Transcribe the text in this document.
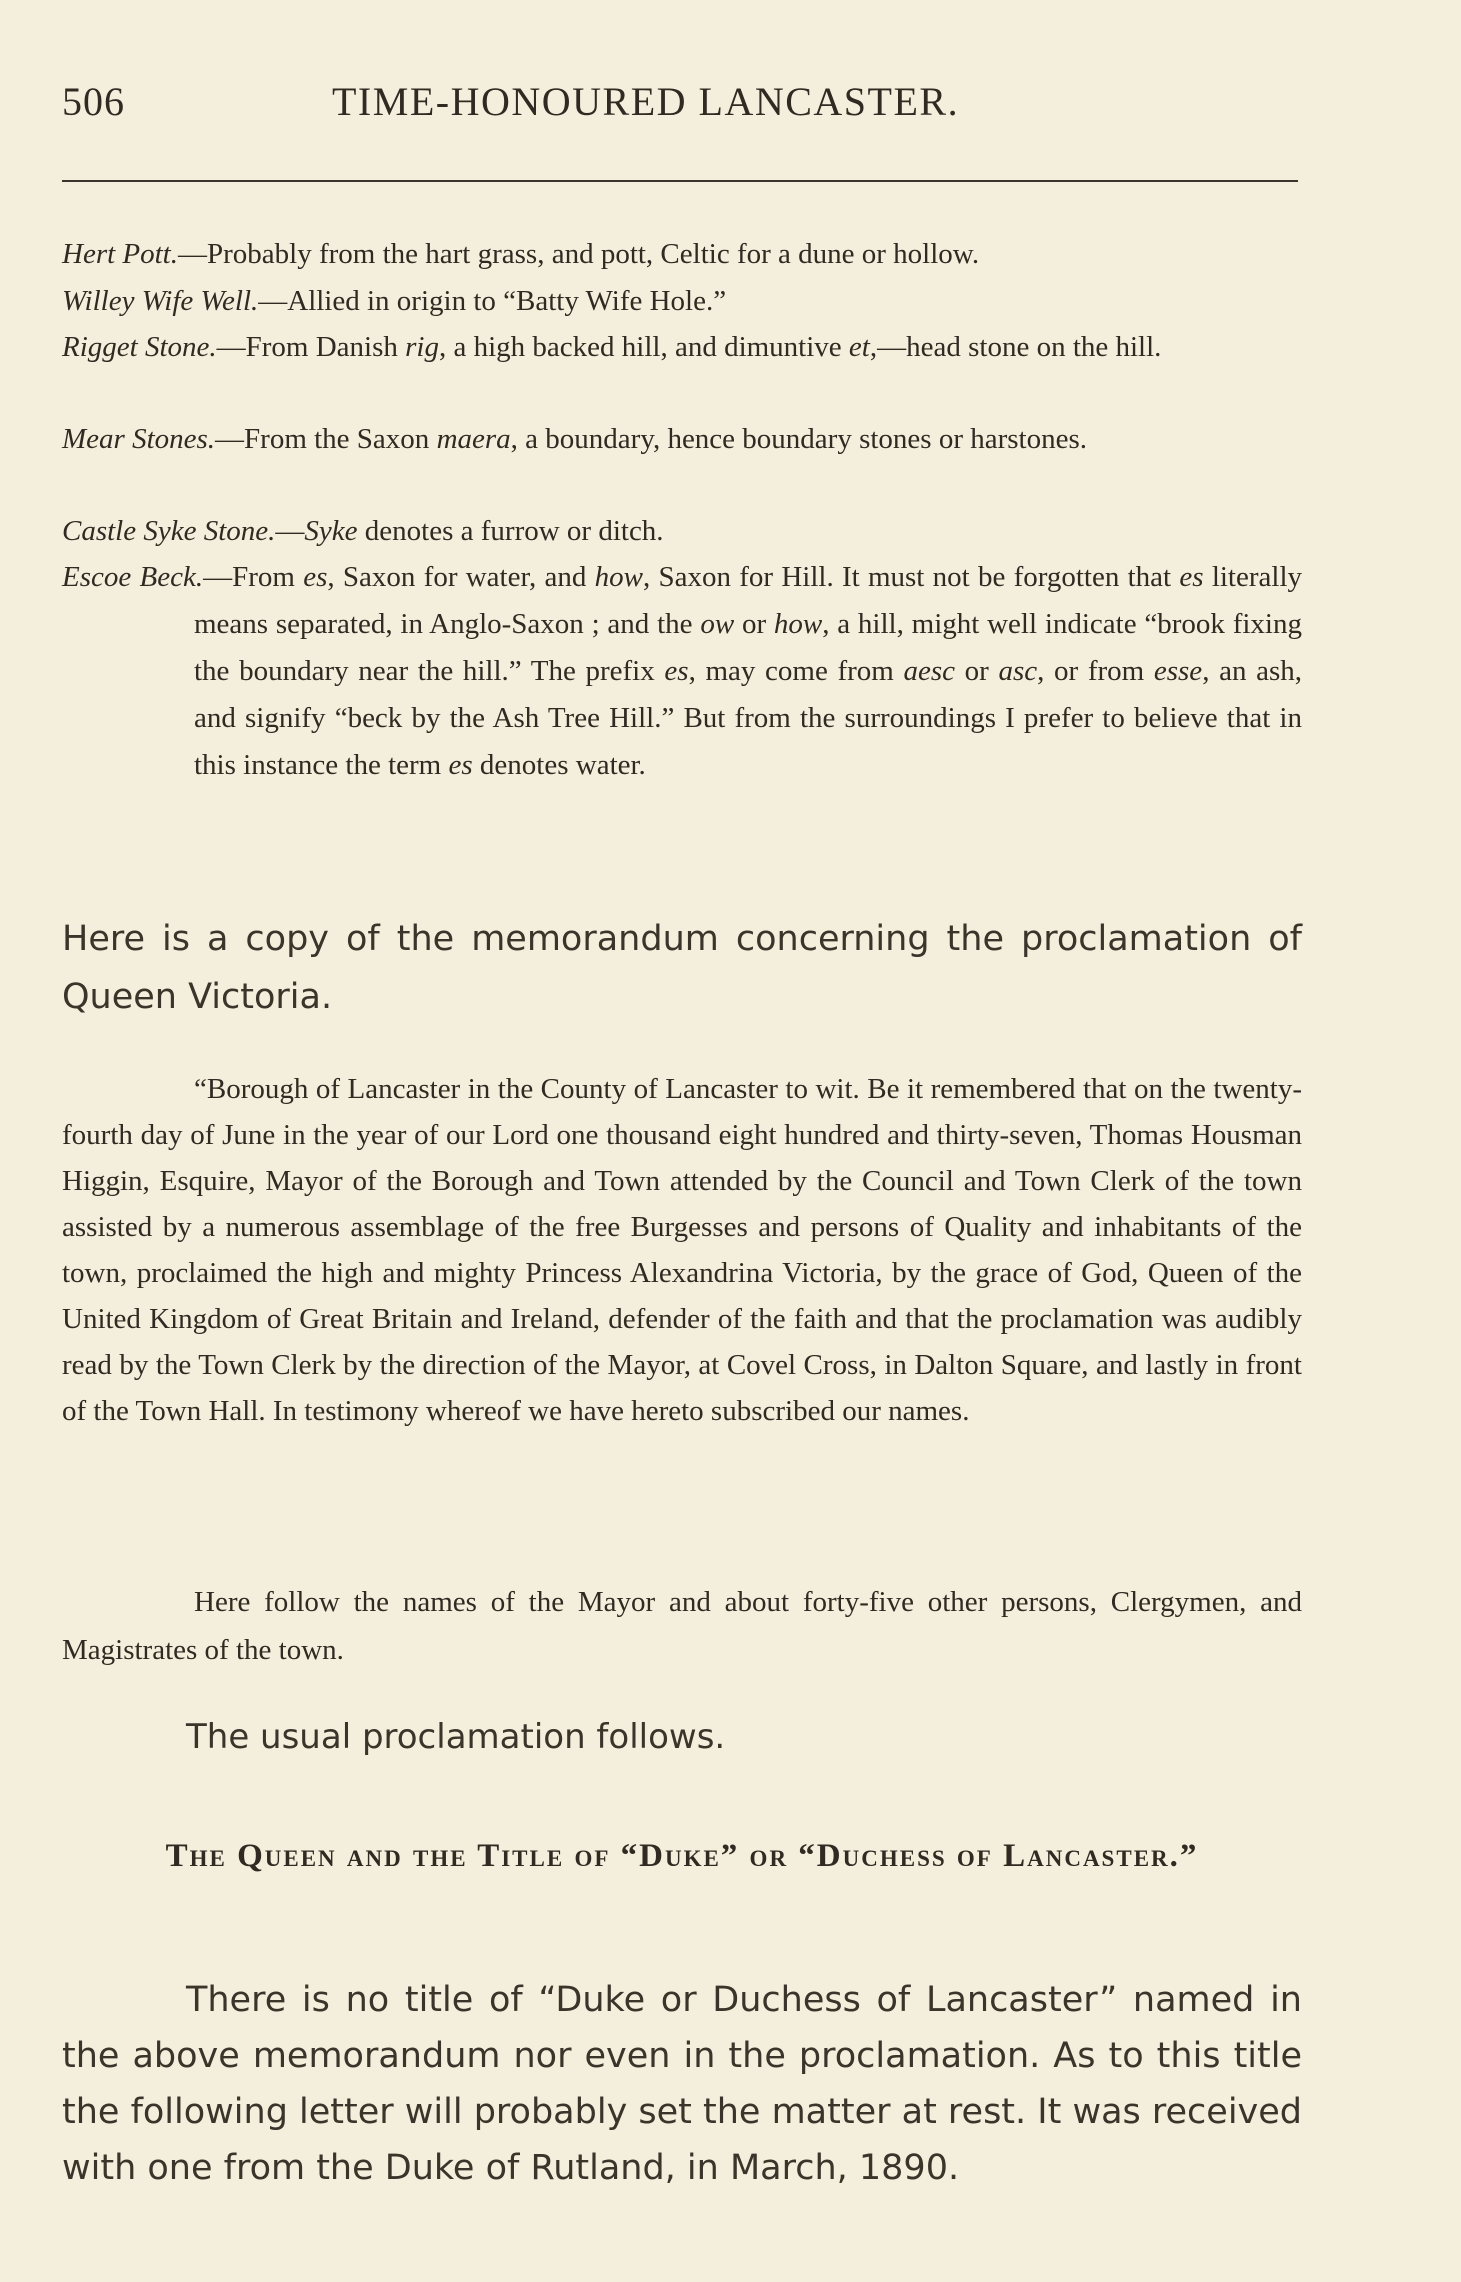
506	TIME-HONOURED LANCASTER.

Hert Pott.—Probably from the hart grass, and pott, Celtic for a dune or hollow.

Willey Wife Well.—Allied in origin to “Batty Wife Hole.”

Rigget Stone.—From Danish rig, a high backed hill, and dimuntive et,—head stone on the hill.

Mear Stones.—From the Saxon maera, a boundary, hence boundary stones or harstones.

Castle Syke Stone.—Syke denotes a furrow or ditch.

Escoe Beck.—From es, Saxon for water, and how, Saxon for Hill. It must not be forgotten that es literally means separated, in Anglo-Saxon ; and the ow or how, a hill, might well indicate “brook fixing the boundary near the hill.” The prefix es, may come from aesc or asc, or from esse, an ash, and signify “beck by the Ash Tree Hill.” But from the surroundings I prefer to believe that in this instance the term es denotes water.

Here is a copy of the memorandum concerning the proclamation of Queen Victoria.

“Borough of Lancaster in the County of Lancaster to wit. Be it remembered that on the twenty-fourth day of June in the year of our Lord one thousand eight hundred and thirty-seven, Thomas Housman Higgin, Esquire, Mayor of the Borough and Town attended by the Council and Town Clerk of the town assisted by a numerous assemblage of the free Burgesses and persons of Quality and inhabitants of the town, proclaimed the high and mighty Princess Alexandrina Victoria, by the grace of God, Queen of the United Kingdom of Great Britain and Ireland, defender of the faith and that the proclamation was audibly read by the Town Clerk by the direction of the Mayor, at Covel Cross, in Dalton Square, and lastly in front of the Town Hall. In testimony whereof we have hereto subscribed our names.

Here follow the names of the Mayor and about forty-five other persons, Clergymen, and Magistrates of the town.

The usual proclamation follows.

The Queen and the Title of “Duke” or “Duchess of Lancaster.”

There is no title of “Duke or Duchess of Lancaster” named in the above memorandum nor even in the proclamation. As to this title the following letter will probably set the matter at rest. It was received with one from the Duke of Rutland, in March, 1890.
